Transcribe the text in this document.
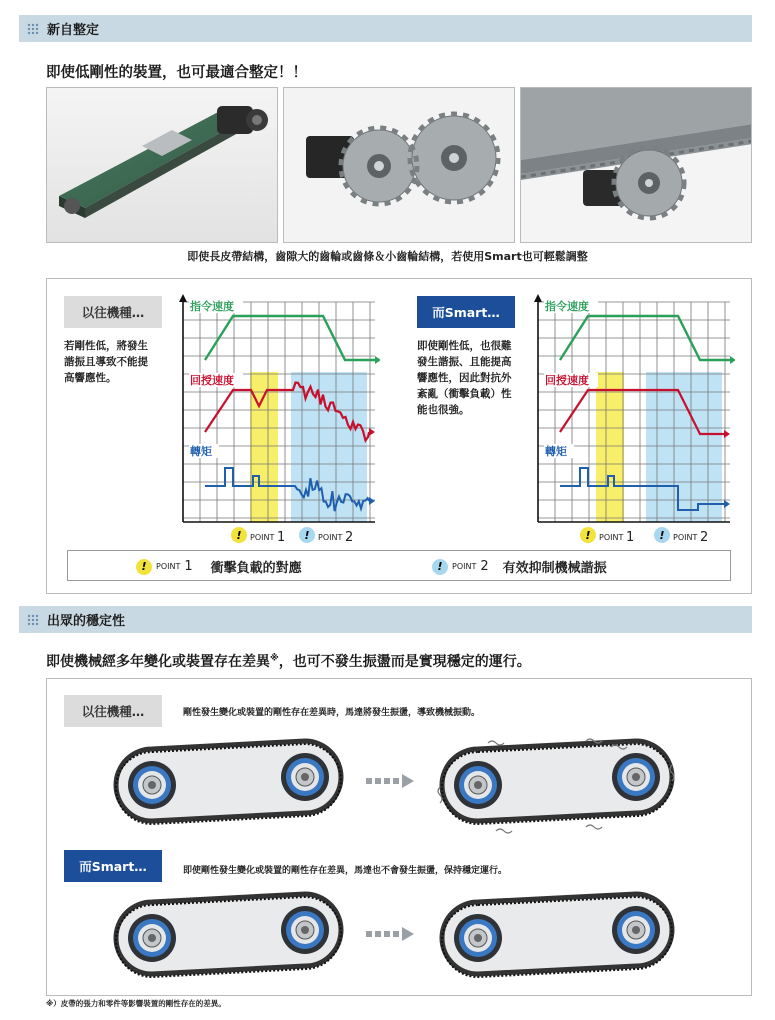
新自整定
即使低剛性的裝置，也可最適合整定！！
即使長皮帶結構，齒隙大的齒輪或齒條＆小齒輪結構，若使用Smart也可輕鬆調整
以往機種…
若剛性低，將發生
諧振且導致不能提
高響應性。
而Smart…
即使剛性低，也很難
發生諧振、且能提高
響應性，因此對抗外
紊亂（衝擊負載）性
能也很強。
指令速度
回授速度
轉矩
! POINT 1 ! POINT 2
指令速度
回授速度
轉矩
! POINT 1 ! POINT 2
!	POINT 1 衝擊負載的對應	!	POINT 2 有效抑制機械諧振
出眾的穩定性
即使機械經多年變化或裝置存在差異※，也可不發生振盪而是實現穩定的運行。
以往機種…	剛性發生變化或裝置的剛性存在差異時，馬達將發生振盪，導致機械振動。
而Smart…	即使剛性發生變化或裝置的剛性存在差異，馬達也不會發生振盪，保持穩定運行。
※）皮帶的張力和零件等影響裝置的剛性存在的差異。
